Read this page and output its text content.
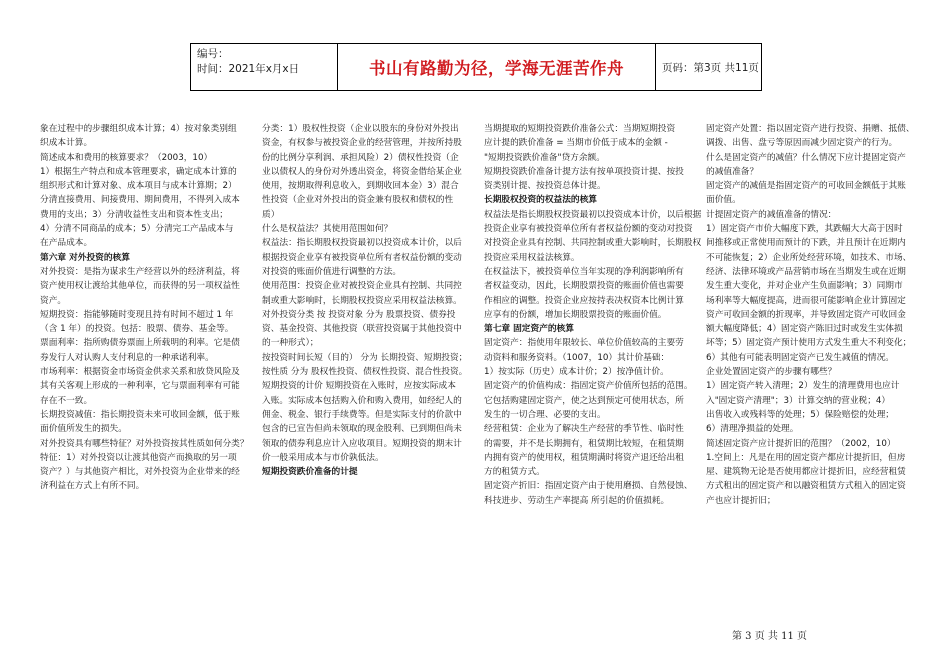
编号：
时间：2021年x月x日	书山有路勤为径，学海无涯苦作舟	页码：第3页 共11页

象在过程中的步骤组织成本计算；4）按对象类别组

织成本计算。

简述成本和费用的核算要求？（2003，10）

1）根据生产特点和成本管理要求，确定成本计算的

组织形式和计算对象、成本项目与成本计算期；2）

分清直接费用、间接费用、期间费用，不得列入成本

费用的支出；3）分清收益性支出和资本性支出；

4）分清不同商品的成本；5）分清完工产品成本与

在产品成本。

第六章 对外投资的核算

对外投资：是指为谋求生产经营以外的经济利益，将

资产使用权让渡给其他单位，而获得的另一项权益性

资产。

短期投资：指能够随时变现且持有时间不超过 1 年

（含 1 年）的投资。包括：股票、债券、基金等。

票面利率：指所购债券票面上所载明的利率。它是债

券发行人对认购人支付利息的一种承诺利率。

市场利率：根据资金市场资金供求关系和放贷风险及

其有关客观上形成的一种利率，它与票面利率有可能

存在不一致。

长期投资减值：指长期投资未来可收回金额，低于账

面价值所发生的损失。

对外投资具有哪些特征？对外投资按其性质如何分类？

特征：1）对外投资以让渡其他资产而换取的另一项

资产？）与其他资产相比，对外投资为企业带来的经

济利益在方式上有所不同。

分类：1）股权性投资（企业以股东的身份对外投出

资金，有权参与被投资企业的经营管理，并按所持股

份的比例分享利润、承担风险）2）债权性投资（企

业以债权人的身份对外透出资金，将资金借给某企业

使用，按期取得利息收入，到期收回本金）3）混合

性投资（企业对外投出的资金兼有股权和债权的性

质）

什么是权益法？其使用范围如何？

权益法：指长期股权投资最初以投资成本计价，以后

根据投资企业享有被投资单位所有者权益份额的变动

对投资的账面价值进行调整的方法。

使用范围：投资企业对被投资企业具有控制、共同控

制或重大影响时，长期股权投资应采用权益法核算。

对外投资分类 按 投资对象 分为 股票投资、债券投

资、基金投资、其他投资（联营投资属于其他投资中

的一种形式）；

按投资时间长短（目的） 分为 长期投资、短期投资；

按性质 分为 股权性投资、债权性投资、混合性投资。

短期投资的计价 短期投资在入账时，应按实际成本

入账。实际成本包括购入价和购入费用，如经纪人的

佣金、税金、银行手续费等。但是实际支付的价款中

包含的已宣告但尚未领取的现金股利、已到期但尚未

领取的债券利息应计入应收项目。短期投资的期末计

价一般采用成本与市价孰低法。

短期投资跌价准备的计提

当期提取的短期投资跌价准备公式：当期短期投资

应计提的跌价准备 = 当期市价低于成本的金额 -

"短期投资跌价准备"贷方余额。

短期投资跌价准备计提方法有按单项投资计提、按投

资类别计提、按投资总体计提。

长期股权投资的权益法的核算

权益法是指长期股权投资最初以投资成本计价，以后根据

投资企业享有被投资单位所有者权益份额的变动对投资

对投资企业具有控制、共同控制或重大影响时，长期股权

投资应采用权益法核算。

在权益法下，被投资单位当年实现的净利润影响所有

者权益变动，因此，长期股票投资的账面价值也需要

作相应的调整。投资企业应按持表决权资本比例计算

应享有的份额，增加长期股票投资的账面价值。

第七章 固定资产的核算

固定资产：指使用年限较长、单位价值较高的主要劳

动资料和服务资料。（1007，10）其计价基础：

1）按实际（历史）成本计价；2）按净值计价。

固定资产的价值构成：指固定资产价值所包括的范围。

它包括购建固定资产，使之达到预定可使用状态，所

发生的一切合理、必要的支出。

经营租赁：企业为了解决生产经营的季节性、临时性

的需要，并不是长期拥有，租赁期比较短，在租赁期

内拥有资产的使用权，租赁期满时将资产退还给出租

方的租赁方式。

固定资产折旧：指固定资产由于使用磨损、自然侵蚀、

科技进步、劳动生产率提高 所引起的价值损耗。

固定资产处置：指以固定资产进行投资、捐赠、抵债、

调拨、出售、盘亏等原因而减少固定资产的行为。

什么是固定资产的减值？什么情况下应计提固定资产

的减值准备？

固定资产的减值是指固定资产的可收回金额低于其账

面价值。

计提固定资产的减值准备的情况：

1）固定资产市价大幅度下跌，其跌幅大大高于因时

间推移或正常使用而预计的下跌，并且预计在近期内

不可能恢复；2）企业所处经营环境，如技术、市场、

经济、法律环境或产品营销市场在当期发生或在近期

发生重大变化，并对企业产生负面影响；3）同期市

场利率等大幅度提高，进而很可能影响企业计算固定

资产可收回金额的折现率，并导致固定资产可收回金

额大幅度降低；4）固定资产陈旧过时或发生实体损

坏等；5）固定资产预计使用方式发生重大不利变化；

6）其他有可能表明固定资产已发生减值的情况。

企业处置固定资产的步骤有哪些？

1）固定资产转入清理；2）发生的清理费用也应计

入"固定资产清理"；3）计算交纳的营业税；4）

出售收入或残料等的处理；5）保险赔偿的处理；

6）清理净损益的处理。

简述固定资产应计提折旧的范围？（2002，10）

1.空间上：凡是在用的固定资产都应计提折旧，但房

屋、建筑物无论是否使用都应计提折旧，应经营租赁

方式租出的固定资产和以融资租赁方式租入的固定资

产也应计提折旧；

第 3 页 共 11 页
